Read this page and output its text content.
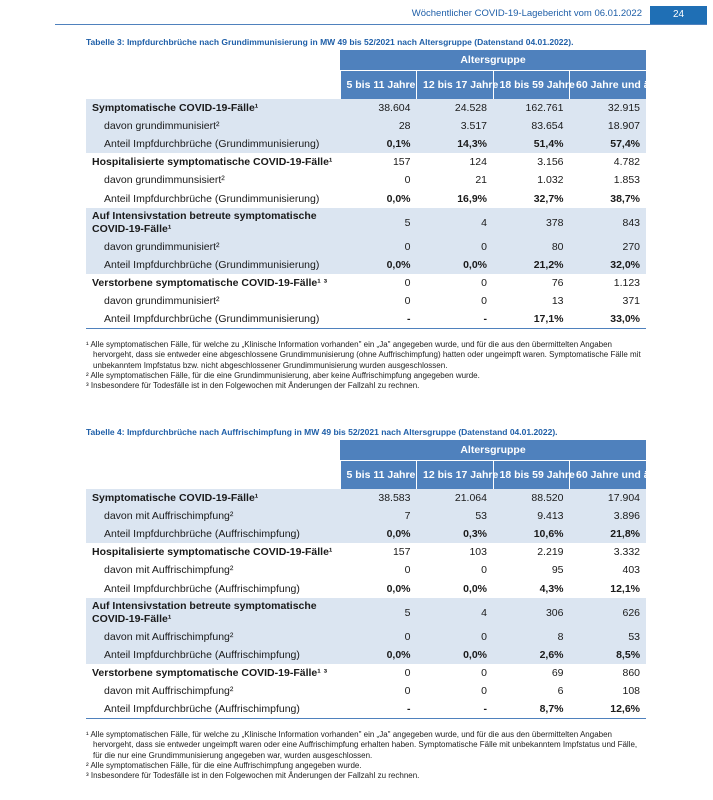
Wöchentlicher COVID-19-Lagebericht vom 06.01.2022	24
Tabelle 3: Impfdurchbrüche nach Grundimmunisierung in MW 49 bis 52/2021 nach Altersgruppe (Datenstand 04.01.2022).
	Altersgruppe			
	5 bis 11 Jahre	12 bis 17 Jahre	18 bis 59 Jahre	60 Jahre und älter
Symptomatische COVID-19-Fälle¹	38.604	24.528	162.761	32.915
davon grundimmunisiert²	28	3.517	83.654	18.907
Anteil Impfdurchbrüche (Grundimmunisierung)	0,1%	14,3%	51,4%	57,4%
Hospitalisierte symptomatische COVID-19-Fälle¹	157	124	3.156	4.782
davon grundimmunsisiert²	0	21	1.032	1.853
Anteil Impfdurchbrüche (Grundimmunisierung)	0,0%	16,9%	32,7%	38,7%
Auf Intensivstation betreute symptomatische COVID-19-Fälle¹	5	4	378	843
davon grundimmunisiert²	0	0	80	270
Anteil Impfdurchbrüche (Grundimmunisierung)	0,0%	0,0%	21,2%	32,0%
Verstorbene symptomatische COVID-19-Fälle¹ ³	0	0	76	1.123
davon grundimmunisiert²	0	0	13	371
Anteil Impfdurchbrüche (Grundimmunisierung)	-	-	17,1%	33,0%

¹ Alle symptomatischen Fälle, für welche zu „Klinische Information vorhanden" ein „Ja" angegeben wurde, und für die aus den übermittelten Angaben hervorgeht, dass sie entweder eine abgeschlossene Grundimmunisierung (ohne Auffrischimpfung) hatten oder ungeimpft waren. Symptomatische Fälle mit unbekanntem Impfstatus bzw. nicht abgeschlossener Grundimmunisierung wurden ausgeschlossen.

² Alle symptomatischen Fälle, für die eine Grundimmunisierung, aber keine Auffrischimpfung angegeben wurde.

³ Insbesondere für Todesfälle ist in den Folgewochen mit Änderungen der Fallzahl zu rechnen.

Tabelle 4: Impfdurchbrüche nach Auffrischimpfung in MW 49 bis 52/2021 nach Altersgruppe (Datenstand 04.01.2022).
	Altersgruppe			
	5 bis 11 Jahre	12 bis 17 Jahre	18 bis 59 Jahre	60 Jahre und älter
Symptomatische COVID-19-Fälle¹	38.583	21.064	88.520	17.904
davon mit Auffrischimpfung²	7	53	9.413	3.896
Anteil Impfdurchbrüche (Auffrischimpfung)	0,0%	0,3%	10,6%	21,8%
Hospitalisierte symptomatische COVID-19-Fälle¹	157	103	2.219	3.332
davon mit Auffrischimpfung²	0	0	95	403
Anteil Impfdurchbrüche (Auffrischimpfung)	0,0%	0,0%	4,3%	12,1%
Auf Intensivstation betreute symptomatische COVID-19-Fälle¹	5	4	306	626
davon mit Auffrischimpfung²	0	0	8	53
Anteil Impfdurchbrüche (Auffrischimpfung)	0,0%	0,0%	2,6%	8,5%
Verstorbene symptomatische COVID-19-Fälle¹ ³	0	0	69	860
davon mit Auffrischimpfung²	0	0	6	108
Anteil Impfdurchbrüche (Auffrischimpfung)	-	-	8,7%	12,6%

¹ Alle symptomatischen Fälle, für welche zu „Klinische Information vorhanden" ein „Ja" angegeben wurde, und für die aus den übermittelten Angaben hervorgeht, dass sie entweder ungeimpft waren oder eine Auffrischimpfung erhalten haben. Symptomatische Fälle mit unbekanntem Impfstatus und Fälle, für die nur eine Grundimmunisierung angegeben war, wurden ausgeschlossen.

² Alle symptomatischen Fälle, für die eine Auffrischimpfung angegeben wurde.

³ Insbesondere für Todesfälle ist in den Folgewochen mit Änderungen der Fallzahl zu rechnen.
